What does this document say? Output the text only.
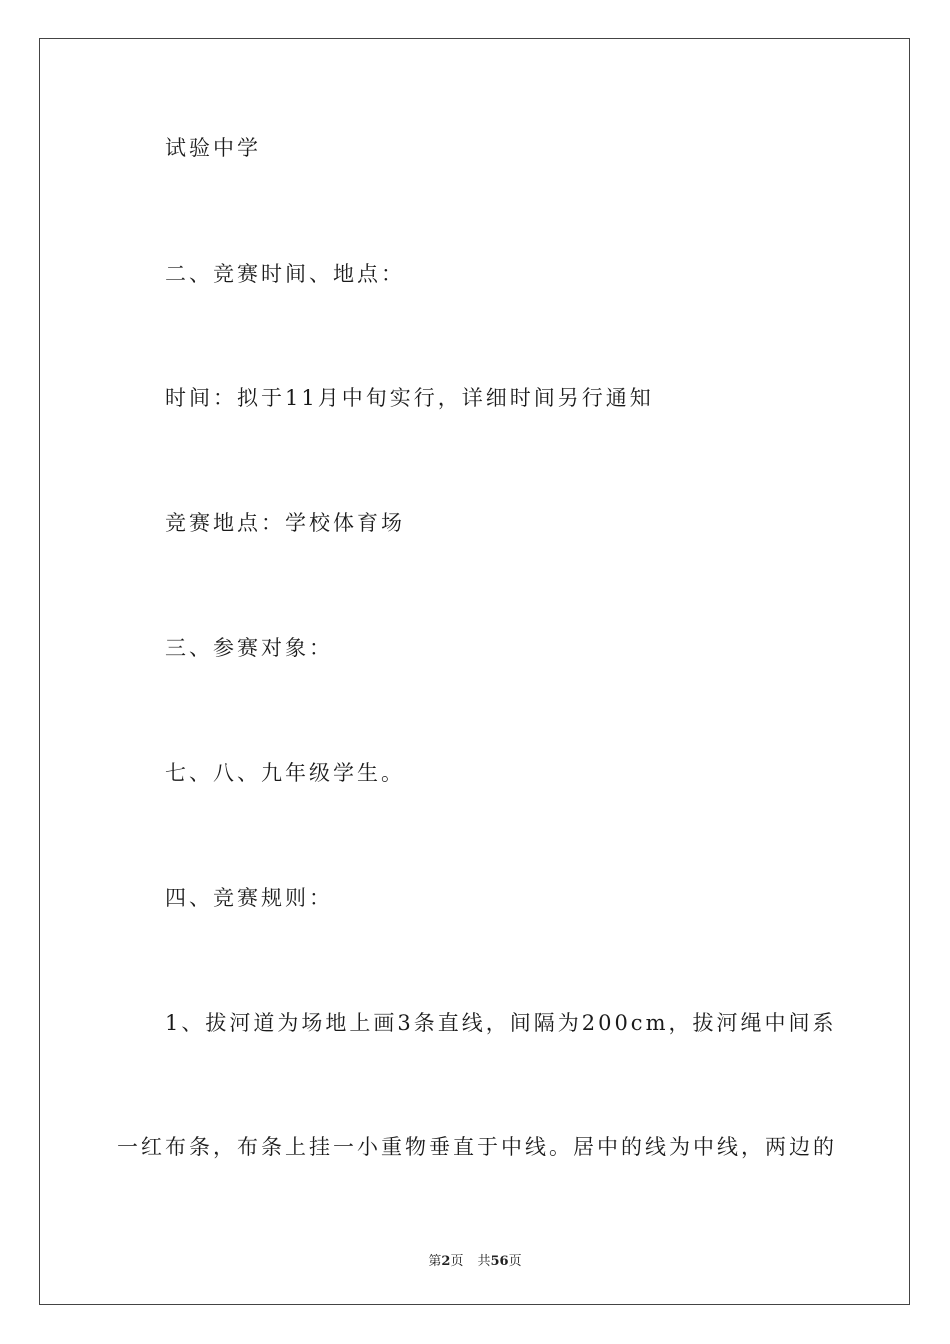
试验中学
二、竞赛时间、地点：
时间：拟于11月中旬实行，详细时间另行通知
竞赛地点：学校体育场
三、参赛对象：
七、八、九年级学生。
四、竞赛规则：
1、拔河道为场地上画3条直线，间隔为200cm，拔河绳中间系
一红布条，布条上挂一小重物垂直于中线。居中的线为中线，两边的
第2页 共56页
